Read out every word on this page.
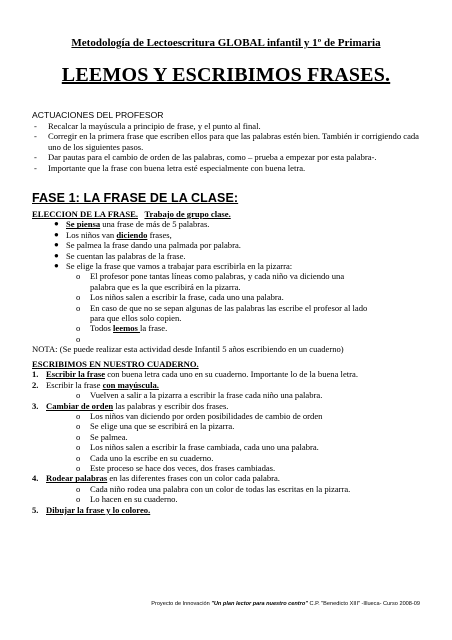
Metodología de Lectoescritura GLOBAL infantil y 1º de Primaria
LEEMOS Y ESCRIBIMOS FRASES.
ACTUACIONES DEL PROFESOR
- Recalcar la mayúscula a principio de frase, y el punto al final.
- Corregir en la primera frase que escriben ellos para que las palabras estén bien. También ir corrigiendo cada uno de los siguientes pasos.
- Dar pautas para el cambio de orden de las palabras, como – prueba a empezar por esta palabra-.
- Importante que la frase con buena letra esté especialmente con buena letra.
FASE 1: LA FRASE DE LA CLASE:
ELECCION DE LA FRASE. Trabajo de grupo clase.
● Se piensa una frase de más de 5 palabras.
● Los niños van diciendo frases,
● Se palmea la frase dando una palmada por palabra.
● Se cuentan las palabras de la frase.
● Se elige la frase que vamos a trabajar para escribirla en la pizarra:
o El profesor pone tantas líneas como palabras, y cada niño va diciendo una
palabra que es la que escribirá en la pizarra.
o Los niños salen a escribir la frase, cada uno una palabra.
o En caso de que no se sepan algunas de las palabras las escribe el profesor al lado
para que ellos solo copien.
o Todos leemos la frase.
o

NOTA: (Se puede realizar esta actividad desde Infantil 5 años escribiendo en un cuaderno)
ESCRIBIMOS EN NUESTRO CUADERNO.
1. Escribir la frase con buena letra cada uno en su cuaderno. Importante lo de la buena letra.
2. Escribir la frase con mayúscula.
o Vuelven a salir a la pizarra a escribir la frase cada niño una palabra.
3. Cambiar de orden las palabras y escribir dos frases.
o Los niños van diciendo por orden posibilidades de cambio de orden
o Se elige una que se escribirá en la pizarra.
o Se palmea.
o Los niños salen a escribir la frase cambiada, cada uno una palabra.
o Cada uno la escribe en su cuaderno.
o Este proceso se hace dos veces, dos frases cambiadas.
4. Rodear palabras en las diferentes frases con un color cada palabra.
o Cada niño rodea una palabra con un color de todas las escritas en la pizarra.
o Lo hacen en su cuaderno.
5. Dibujar la frase y lo coloreo.
Proyecto de Innovación "Un plan lector para nuestro centro" C.P. "Benedicto XIII" -Illueca- Curso 2008-09
